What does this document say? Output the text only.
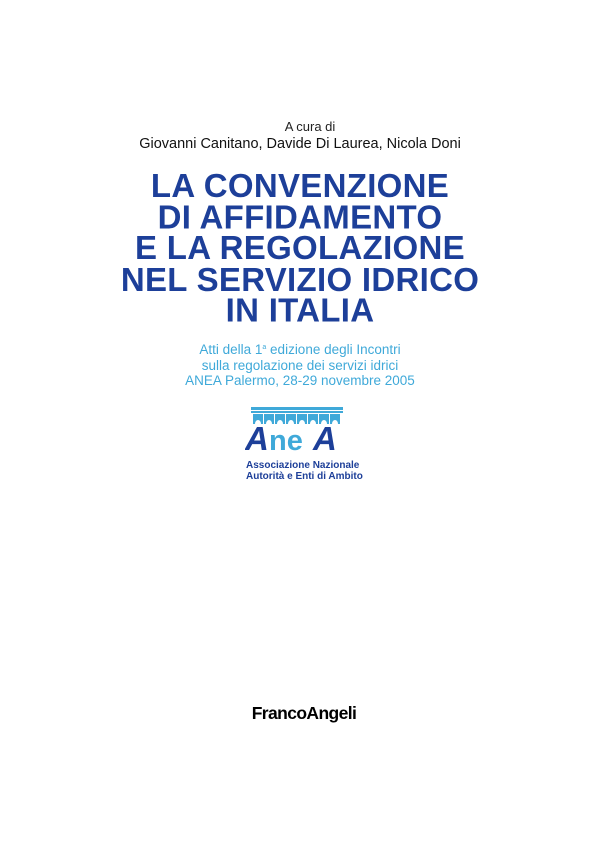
A cura di
Giovanni Canitano, Davide Di Laurea, Nicola Doni
LA CONVENZIONE
DI AFFIDAMENTO
E LA REGOLAZIONE
NEL SERVIZIO IDRICO
IN ITALIA
Atti della 1$^a$ edizione degli Incontri
sulla regolazione dei servizi idrici
ANEA Palermo, 28-29 novembre 2005
A ne A
Associazione Nazionale
Autorità e Enti di Ambito
FrancoAngeli
